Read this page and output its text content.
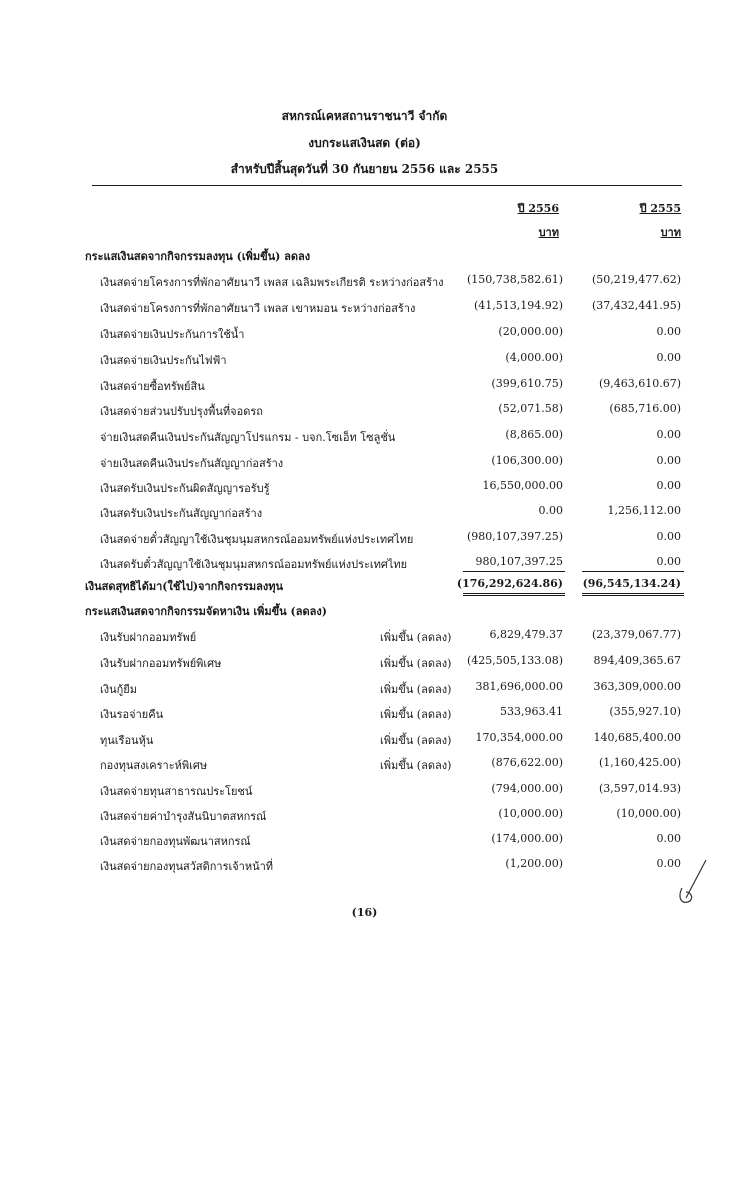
สหกรณ์เคหสถานราชนาวี จำกัด
งบกระแสเงินสด (ต่อ)
สำหรับปีสิ้นสุดวันที่ 30 กันยายน 2556 และ 2555
ปี 2556	ปี 2555
บาท	บาท
กระแสเงินสดจากกิจกรรมลงทุน (เพิ่มขึ้น) ลดลง
เงินสดจ่ายโครงการที่พักอาศัยนาวี เพลส เฉลิมพระเกียรติ ระหว่างก่อสร้าง (150,738,582.61)	(50,219,477.62)
เงินสดจ่ายโครงการที่พักอาศัยนาวี เพลส เขาหมอน ระหว่างก่อสร้าง	(41,513,194.92)	(37,432,441.95)
เงินสดจ่ายเงินประกันการใช้น้ำ	(20,000.00)	0.00
เงินสดจ่ายเงินประกันไฟฟ้า	(4,000.00)	0.00
เงินสดจ่ายซื้อทรัพย์สิน	(399,610.75)	(9,463,610.67)
เงินสดจ่ายส่วนปรับปรุงพื้นที่จอดรถ	(52,071.58)	(685,716.00)
จ่ายเงินสดคืนเงินประกันสัญญาโปรแกรม - บจก.โซเอ็ท โซลูชั่น	(8,865.00)	0.00
จ่ายเงินสดคืนเงินประกันสัญญาก่อสร้าง	(106,300.00)	0.00
เงินสดรับเงินประกันผิดสัญญารอรับรู้	16,550,000.00	0.00
เงินสดรับเงินประกันสัญญาก่อสร้าง	0.00	1,256,112.00
เงินสดจ่ายตั๋วสัญญาใช้เงินชุมนุมสหกรณ์ออมทรัพย์แห่งประเทศไทย	(980,107,397.25)	0.00
เงินสดรับตั๋วสัญญาใช้เงินชุมนุมสหกรณ์ออมทรัพย์แห่งประเทศไทย	980,107,397.25	0.00
เงินสดสุทธิได้มา(ใช้ไป)จากกิจกรรมลงทุน	(176,292,624.86) (96,545,134.24)
กระแสเงินสดจากกิจกรรมจัดหาเงิน เพิ่มขึ้น (ลดลง)
เงินรับฝากออมทรัพย์	เพิ่มขึ้น (ลดลง)	6,829,479.37	(23,379,067.77)
เงินรับฝากออมทรัพย์พิเศษ	เพิ่มขึ้น (ลดลง) (425,505,133.08)	894,409,365.67
เงินกู้ยืม	เพิ่มขึ้น (ลดลง) 381,696,000.00	363,309,000.00
เงินรอจ่ายคืน	เพิ่มขึ้น (ลดลง)	533,963.41	(355,927.10)
ทุนเรือนหุ้น	เพิ่มขึ้น (ลดลง) 170,354,000.00	140,685,400.00
กองทุนสงเคราะห์พิเศษ	เพิ่มขึ้น (ลดลง)	(876,622.00)	(1,160,425.00)
เงินสดจ่ายทุนสาธารณประโยชน์	(794,000.00)	(3,597,014.93)
เงินสดจ่ายค่าบำรุงสันนิบาตสหกรณ์	(10,000.00)	(10,000.00)
เงินสดจ่ายกองทุนพัฒนาสหกรณ์	(174,000.00)	0.00
เงินสดจ่ายกองทุนสวัสดิการเจ้าหน้าที่	(1,200.00)	0.00
(16)
